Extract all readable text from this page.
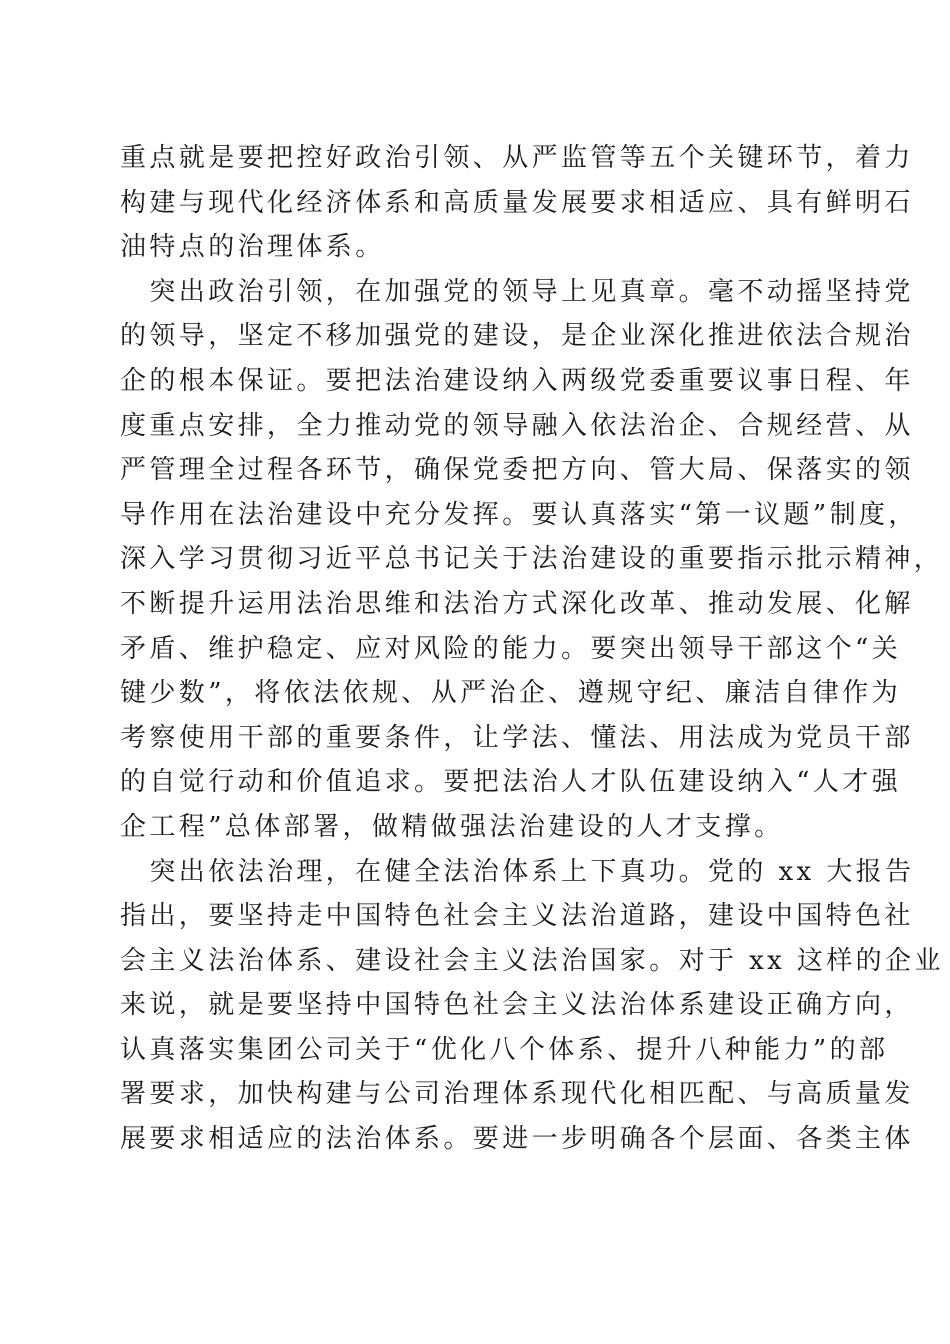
重点就是要把控好政治引领、从严监管等五个关键环节，着力
构建与现代化经济体系和高质量发展要求相适应、具有鲜明石
油特点的治理体系。
　突出政治引领，在加强党的领导上见真章。毫不动摇坚持党
的领导，坚定不移加强党的建设，是企业深化推进依法合规治
企的根本保证。要把法治建设纳入两级党委重要议事日程、年
度重点安排，全力推动党的领导融入依法治企、合规经营、从
严管理全过程各环节，确保党委把方向、管大局、保落实的领
导作用在法治建设中充分发挥。要认真落实“第一议题”制度，
深入学习贯彻习近平总书记关于法治建设的重要指示批示精神，
不断提升运用法治思维和法治方式深化改革、推动发展、化解
矛盾、维护稳定、应对风险的能力。要突出领导干部这个“关
键少数”，将依法依规、从严治企、遵规守纪、廉洁自律作为
考察使用干部的重要条件，让学法、懂法、用法成为党员干部
的自觉行动和价值追求。要把法治人才队伍建设纳入“人才强
企工程”总体部署，做精做强法治建设的人才支撑。
　突出依法治理，在健全法治体系上下真功。党的 xx 大报告
指出，要坚持走中国特色社会主义法治道路，建设中国特色社
会主义法治体系、建设社会主义法治国家。对于 xx 这样的企业
来说，就是要坚持中国特色社会主义法治体系建设正确方向，
认真落实集团公司关于“优化八个体系、提升八种能力”的部
署要求，加快构建与公司治理体系现代化相匹配、与高质量发
展要求相适应的法治体系。要进一步明确各个层面、各类主体
